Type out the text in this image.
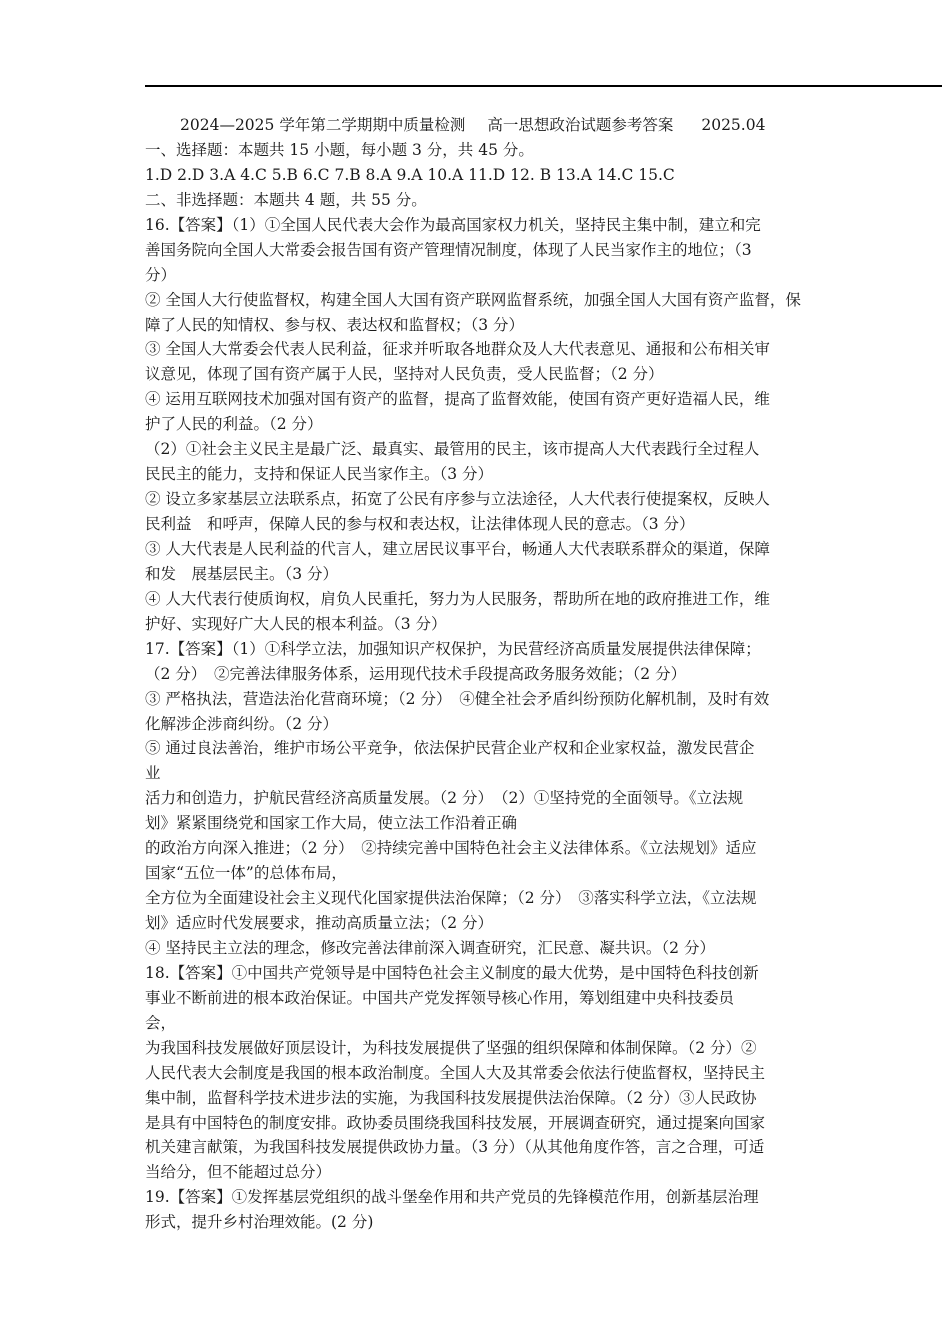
2024—2025 学年第二学期期中质量检测 高一思想政治试题参考答案 2025.04
一、选择题：本题共 15 小题，每小题 3 分，共 45 分。
1.D 2.D 3.A 4.C 5.B 6.C 7.B 8.A 9.A 10.A 11.D 12. B 13.A 14.C 15.C
二、非选择题：本题共 4 题，共 55 分。
16.【答案】（1）①全国人民代表大会作为最高国家权力机关，坚持民主集中制，建立和完
善国务院向全国人大常委会报告国有资产管理情况制度，体现了人民当家作主的地位；（3
分）
② 全国人大行使监督权，构建全国人大国有资产联网监督系统，加强全国人大国有资产监督，保
障了人民的知情权、参与权、表达权和监督权；（3 分）
③ 全国人大常委会代表人民利益，征求并听取各地群众及人大代表意见、通报和公布相关审
议意见，体现了国有资产属于人民，坚持对人民负责，受人民监督；（2 分）
④ 运用互联网技术加强对国有资产的监督，提高了监督效能，使国有资产更好造福人民，维
护了人民的利益。（2 分）
（2）①社会主义民主是最广泛、最真实、最管用的民主，该市提高人大代表践行全过程人
民民主的能力，支持和保证人民当家作主。（3 分）
② 设立多家基层立法联系点，拓宽了公民有序参与立法途径，人大代表行使提案权，反映人
民利益　和呼声，保障人民的参与权和表达权，让法律体现人民的意志。（3 分）
③ 人大代表是人民利益的代言人，建立居民议事平台，畅通人大代表联系群众的渠道，保障
和发　展基层民主。（3 分）
④ 人大代表行使质询权，肩负人民重托，努力为人民服务，帮助所在地的政府推进工作，维
护好、实现好广大人民的根本利益。（3 分）
17.【答案】（1）①科学立法，加强知识产权保护，为民营经济高质量发展提供法律保障；
（2 分）　②完善法律服务体系，运用现代技术手段提高政务服务效能；（2 分）
③ 严格执法，营造法治化营商环境；（2 分）　④健全社会矛盾纠纷预防化解机制，及时有效
化解涉企涉商纠纷。（2 分）
⑤ 通过良法善治，维护市场公平竞争，依法保护民营企业产权和企业家权益，激发民营企
业
活力和创造力，护航民营经济高质量发展。（2 分）　（2）①坚持党的全面领导。《立法规
划》紧紧围绕党和国家工作大局，使立法工作沿着正确
的政治方向深入推进；（2 分）　②持续完善中国特色社会主义法律体系。《立法规划》适应
国家“五位一体”的总体布局，
全方位为全面建设社会主义现代化国家提供法治保障；（2 分）　③落实科学立法，《立法规
划》适应时代发展要求，推动高质量立法；（2 分）
④ 坚持民主立法的理念，修改完善法律前深入调查研究，汇民意、凝共识。（2 分）
18.【答案】①中国共产党领导是中国特色社会主义制度的最大优势，是中国特色科技创新
事业不断前进的根本政治保证。中国共产党发挥领导核心作用，筹划组建中央科技委员
会，
为我国科技发展做好顶层设计，为科技发展提供了坚强的组织保障和体制保障。（2 分）②
人民代表大会制度是我国的根本政治制度。全国人大及其常委会依法行使监督权，坚持民主
集中制，监督科学技术进步法的实施，为我国科技发展提供法治保障。（2 分）③人民政协
是具有中国特色的制度安排。政协委员围绕我国科技发展，开展调查研究，通过提案向国家
机关建言献策，为我国科技发展提供政协力量。（3 分）（从其他角度作答，言之合理，可适
当给分，但不能超过总分）
19.【答案】①发挥基层党组织的战斗堡垒作用和共产党员的先锋模范作用，创新基层治理
形式，提升乡村治理效能。(2 分)
